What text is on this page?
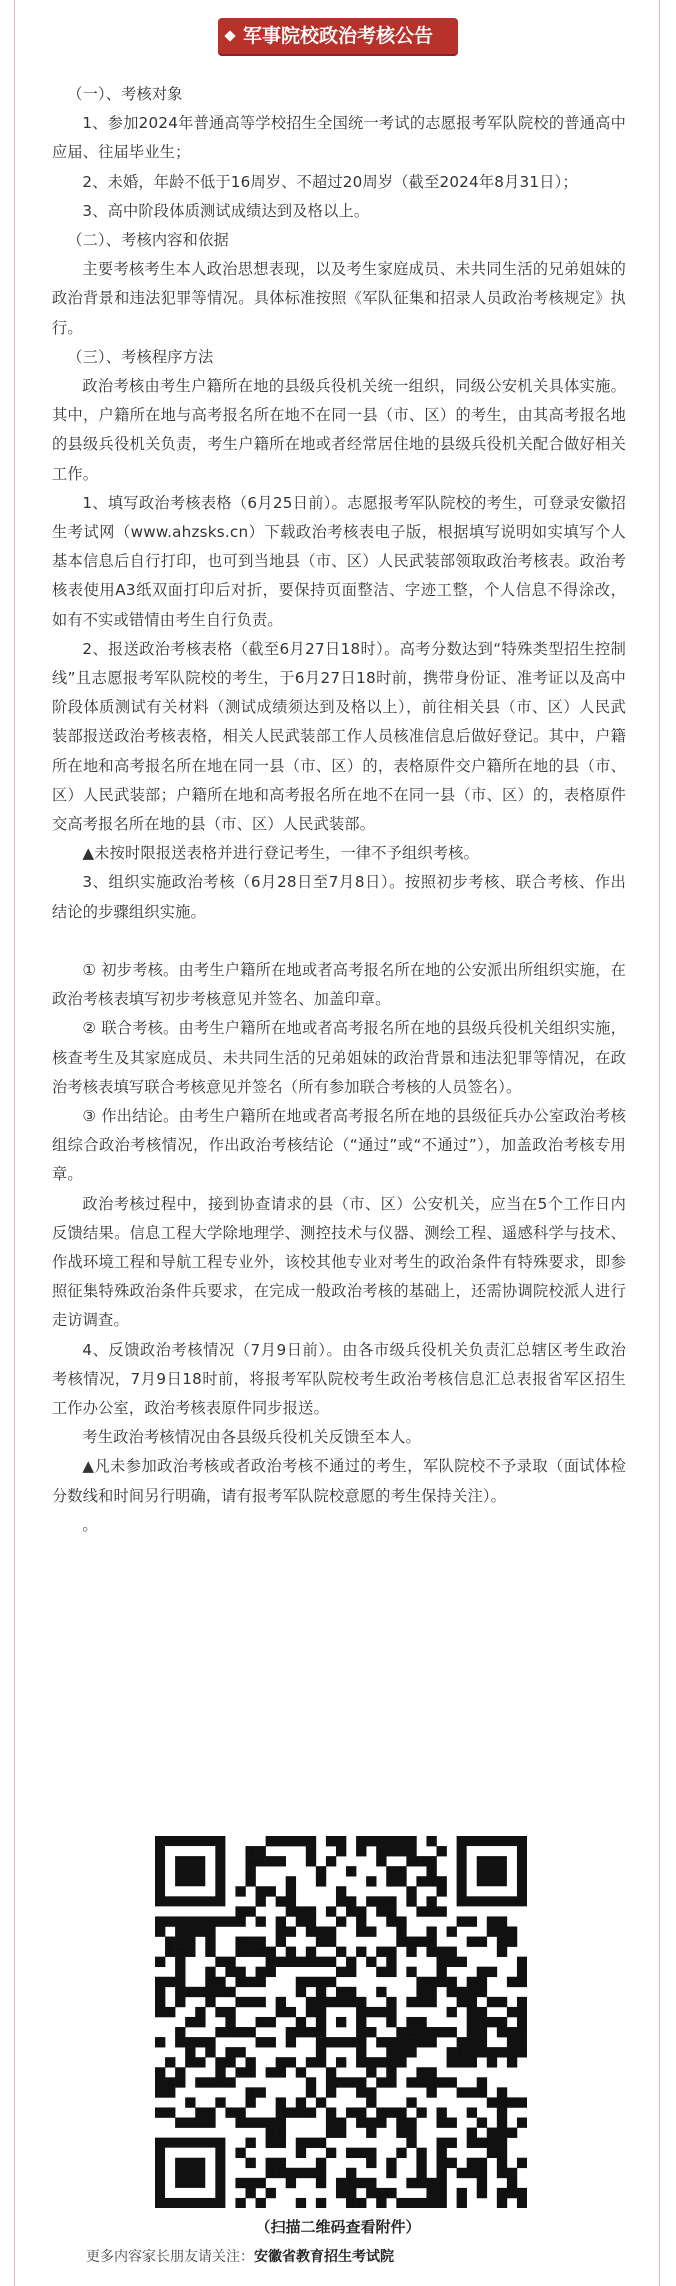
军事院校政治考核公告

（一）、考核对象

1、参加2024年普通高等学校招生全国统一考试的志愿报考军队院校的普通高中应届、往届毕业生；

2、未婚，年龄不低于16周岁、不超过20周岁（截至2024年8月31日）；

3、高中阶段体质测试成绩达到及格以上。

（二）、考核内容和依据

主要考核考生本人政治思想表现，以及考生家庭成员、未共同生活的兄弟姐妹的政治背景和违法犯罪等情况。具体标准按照《军队征集和招录人员政治考核规定》执行。

（三）、考核程序方法

政治考核由考生户籍所在地的县级兵役机关统一组织，同级公安机关具体实施。其中，户籍所在地与高考报名所在地不在同一县（市、区）的考生，由其高考报名地的县级兵役机关负责，考生户籍所在地或者经常居住地的县级兵役机关配合做好相关工作。

1、填写政治考核表格（6月25日前）。志愿报考军队院校的考生，可登录安徽招生考试网（www.ahzsks.cn）下载政治考核表电子版，根据填写说明如实填写个人基本信息后自行打印，也可到当地县（市、区）人民武装部领取政治考核表。政治考核表使用A3纸双面打印后对折，要保持页面整洁、字迹工整，个人信息不得涂改，如有不实或错情由考生自行负责。

2、报送政治考核表格（截至6月27日18时）。高考分数达到“特殊类型招生控制线”且志愿报考军队院校的考生，于6月27日18时前，携带身份证、准考证以及高中阶段体质测试有关材料（测试成绩须达到及格以上），前往相关县（市、区）人民武装部报送政治考核表格，相关人民武装部工作人员核准信息后做好登记。其中，户籍所在地和高考报名所在地在同一县（市、区）的，表格原件交户籍所在地的县（市、区）人民武装部；户籍所在地和高考报名所在地不在同一县（市、区）的，表格原件交高考报名所在地的县（市、区）人民武装部。

▲未按时限报送表格并进行登记考生，一律不予组织考核。

3、组织实施政治考核（6月28日至7月8日）。按照初步考核、联合考核、作出结论的步骤组织实施。

① 初步考核。由考生户籍所在地或者高考报名所在地的公安派出所组织实施，在政治考核表填写初步考核意见并签名、加盖印章。

② 联合考核。由考生户籍所在地或者高考报名所在地的县级兵役机关组织实施，核查考生及其家庭成员、未共同生活的兄弟姐妹的政治背景和违法犯罪等情况，在政治考核表填写联合考核意见并签名（所有参加联合考核的人员签名）。

③ 作出结论。由考生户籍所在地或者高考报名所在地的县级征兵办公室政治考核组综合政治考核情况，作出政治考核结论（“通过”或“不通过”），加盖政治考核专用章。

政治考核过程中，接到协查请求的县（市、区）公安机关，应当在5个工作日内反馈结果。信息工程大学除地理学、测控技术与仪器、测绘工程、遥感科学与技术、作战环境工程和导航工程专业外，该校其他专业对考生的政治条件有特殊要求，即参照征集特殊政治条件兵要求，在完成一般政治考核的基础上，还需协调院校派人进行走访调查。

4、反馈政治考核情况（7月9日前）。由各市级兵役机关负责汇总辖区考生政治考核情况，7月9日18时前，将报考军队院校考生政治考核信息汇总表报省军区招生工作办公室，政治考核表原件同步报送。

考生政治考核情况由各县级兵役机关反馈至本人。

▲凡未参加政治考核或者政治考核不通过的考生，军队院校不予录取（面试体检分数线和时间另行明确，请有报考军队院校意愿的考生保持关注）。

。

（扫描二维码查看附件）
更多内容家长朋友请关注：安徽省教育招生考试院
